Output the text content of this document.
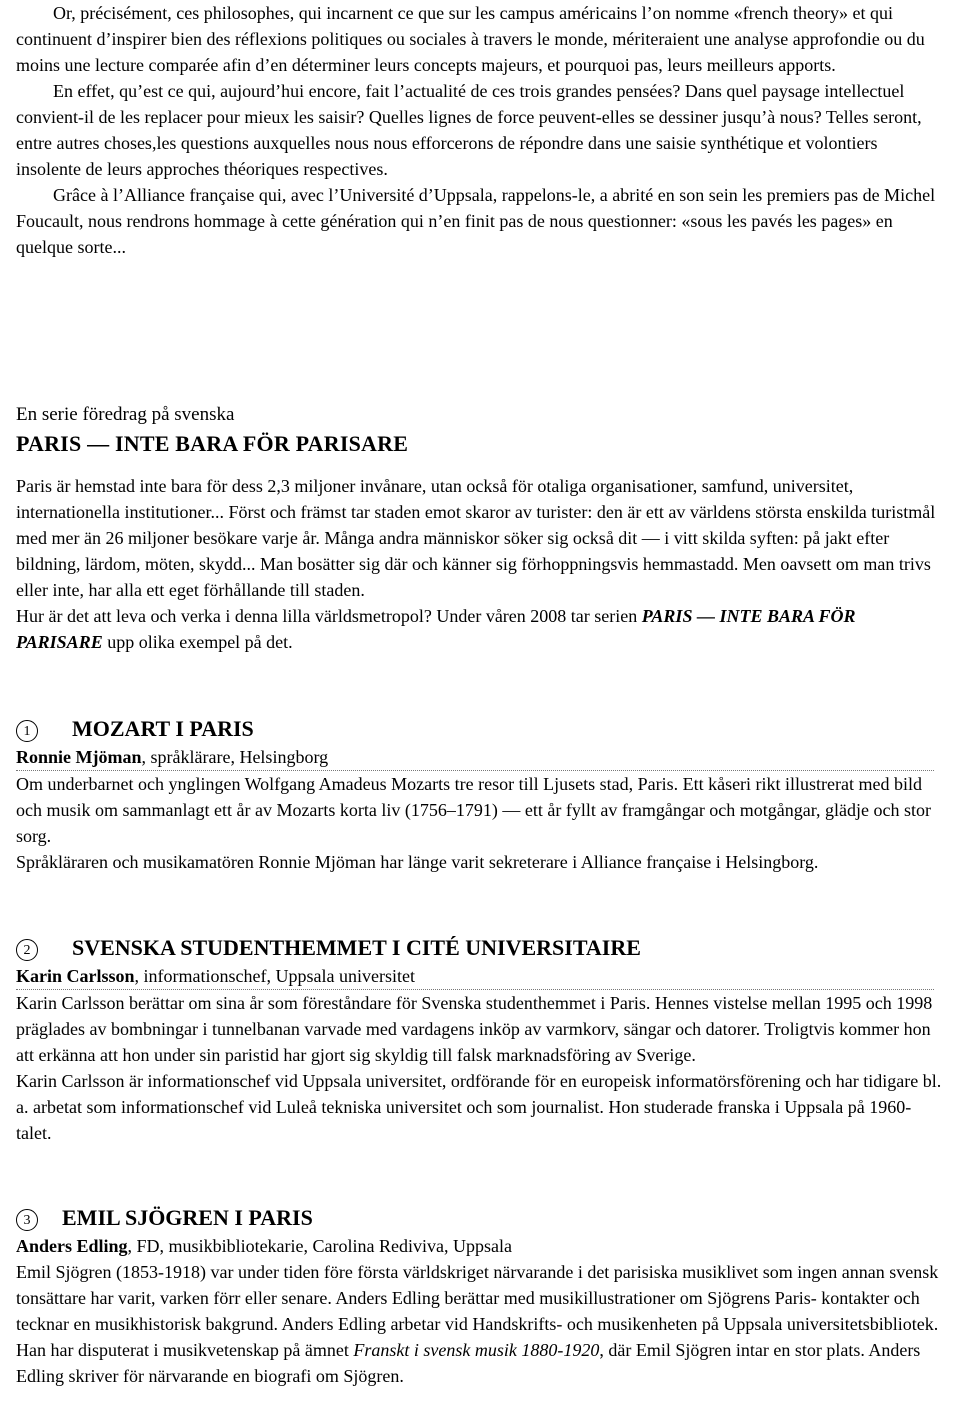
Or, précisément, ces philosophes, qui incarnent ce que sur les campus américains l’on nomme «french theory» et qui continuent d’inspirer bien des réflexions politiques ou sociales à travers le monde, mériteraient une analyse approfondie ou du moins une lecture comparée afin d’en déterminer leurs concepts majeurs, et pourquoi pas, leurs meilleurs apports.

En effet, qu’est ce qui, aujourd’hui encore, fait l’actualité de ces trois grandes pensées? Dans quel paysage intellectuel convient-il de les replacer pour mieux les saisir? Quelles lignes de force peuvent-elles se dessiner jusqu’à nous? Telles seront, entre autres choses,les questions auxquelles nous nous efforcerons de répondre dans une saisie synthétique et volontiers insolente de leurs approches théoriques respectives.

Grâce à l’Alliance française qui, avec l’Université d’Uppsala, rappelons-le, a abrité en son sein les premiers pas de Michel Foucault, nous rendrons hommage à cette génération qui n’en finit pas de nous questionner: «sous les pavés les pages» en quelque sorte...

En serie föredrag på svenska

PARIS — INTE BARA FÖR PARISARE

Paris är hemstad inte bara för dess 2,3 miljoner invånare, utan också för otaliga organisationer, samfund, universitet, internationella institutioner... Först och främst tar staden emot skaror av turister: den är ett av världens största enskilda turistmål med mer än 26 miljoner besökare varje år. Många andra människor söker sig också dit — i vitt skilda syften: på jakt efter bildning, lärdom, möten, skydd... Man bosätter sig där och känner sig förhoppningsvis hemmastadd. Men oavsett om man trivs eller inte, har alla ett eget förhållande till staden.

Hur är det att leva och verka i denna lilla världsmetropol? Under våren 2008 tar serien PARIS — INTE BARA FÖR PARISARE upp olika exempel på det.

1	MOZART I PARIS

Ronnie Mjöman, språklärare, Helsingborg

Om underbarnet och ynglingen Wolfgang Amadeus Mozarts tre resor till Ljusets stad, Paris. Ett kåseri rikt illustrerat med bild och musik om sammanlagt ett år av Mozarts korta liv (1756–1791) — ett år fyllt av framgångar och motgångar, glädje och stor sorg.

Språkläraren och musikamatören Ronnie Mjöman har länge varit sekreterare i Alliance française i Helsingborg.

2	SVENSKA STUDENTHEMMET I CITÉ UNIVERSITAIRE

Karin Carlsson, informationschef, Uppsala universitet

Karin Carlsson berättar om sina år som föreståndare för Svenska studenthemmet i Paris. Hennes vistelse mellan 1995 och 1998 präglades av bombningar i tunnelbanan varvade med vardagens inköp av varmkorv, sängar och datorer. Troligtvis kommer hon att erkänna att hon under sin paristid har gjort sig skyldig till falsk marknadsföring av Sverige.

Karin Carlsson är informationschef vid Uppsala universitet, ordförande för en europeisk informatörsförening och har tidigare bl. a. arbetat som informationschef vid Luleå tekniska universitet och som journalist. Hon studerade franska i Uppsala på 1960-talet.

3	EMIL SJÖGREN I PARIS

Anders Edling, FD, musikbibliotekarie, Carolina Rediviva, Uppsala

Emil Sjögren (1853-1918) var under tiden före första världskriget närvarande i det parisiska musiklivet som ingen annan svensk tonsättare har varit, varken förr eller senare. Anders Edling berättar med musikillustrationer om Sjögrens Paris- kontakter och tecknar en musikhistorisk bakgrund. Anders Edling arbetar vid Handskrifts- och musikenheten på Uppsala universitetsbibliotek. Han har disputerat i musikvetenskap på ämnet Franskt i svensk musik 1880-1920, där Emil Sjögren intar en stor plats. Anders Edling skriver för närvarande en biografi om Sjögren.
